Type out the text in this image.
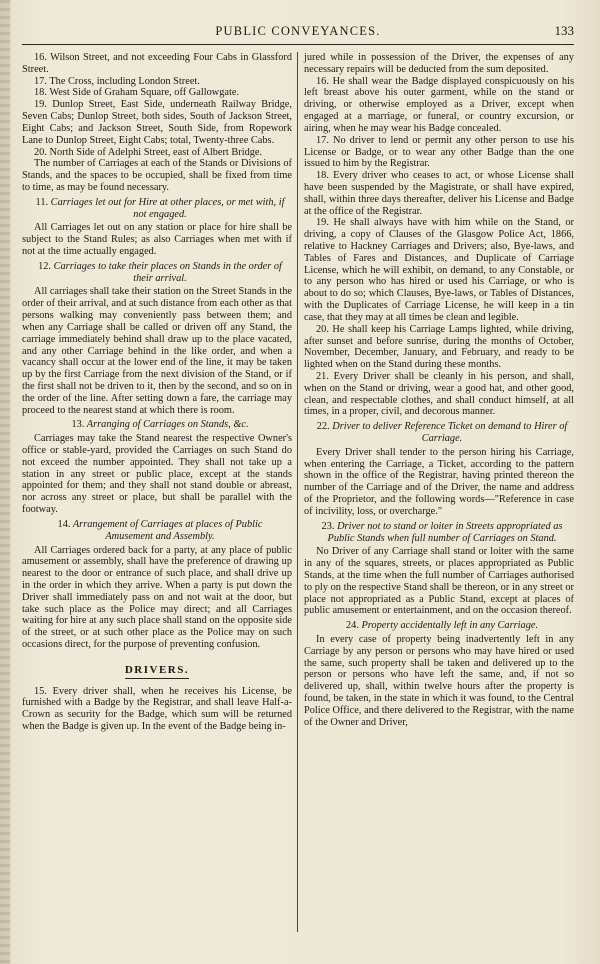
PUBLIC CONVEYANCES.	133

16. Wilson Street, and not exceeding Four Cabs in Glassford Street.

17. The Cross, including London Street.

18. West Side of Graham Square, off Gallowgate.

19. Dunlop Street, East Side, underneath Railway Bridge, Seven Cabs; Dunlop Street, both sides, South of Jackson Street, Eight Cabs; and Jackson Street, South Side, from Ropework Lane to Dunlop Street, Eight Cabs; total, Twenty-three Cabs.

20. North Side of Adelphi Street, east of Albert Bridge.

The number of Carriages at each of the Stands or Divisions of Stands, and the spaces to be occupied, shall be fixed from time to time, as may be found necessary.

11. Carriages let out for Hire at other places, or met with, if not engaged.

All Carriages let out on any station or place for hire shall be subject to the Stand Rules; as also Carriages when met with if not at the time actually engaged.

12. Carriages to take their places on Stands in the order of their arrival.

All carriages shall take their station on the Street Stands in the order of their arrival, and at such distance from each other as that persons walking may conveniently pass between them; and when any Carriage shall be called or driven off any Stand, the carriage immediately behind shall draw up to the place vacated, and any other Carriage behind in the like order, and when a vacancy shall occur at the lower end of the line, it may be taken up by the first Carriage from the next division of the Stand, or if the first shall not be driven to it, then by the second, and so on in the order of the line. After setting down a fare, the carriage may proceed to the nearest stand at which there is room.

13. Arranging of Carriages on Stands, &c.

Carriages may take the Stand nearest the respective Owner's office or stable-yard, provided the Carriages on such Stand do not exceed the number appointed. They shall not take up a station in any street or public place, except at the stands appointed for them; and they shall not stand double or abreast, nor across any street or place, but shall be parallel with the footway.

14. Arrangement of Carriages at places of Public Amusement and Assembly.

All Carriages ordered back for a party, at any place of public amusement or assembly, shall have the preference of drawing up nearest to the door or entrance of such place, and shall drive up in the order in which they arrive. When a party is put down the Driver shall immediately pass on and not wait at the door, but take such place as the Police may direct; and all Carriages waiting for hire at any such place shall stand on the opposite side of the street, or at such other place as the Police may on such occasions direct, for the purpose of preventing confusion.

DRIVERS.

15. Every driver shall, when he receives his License, be furnished with a Badge by the Registrar, and shall leave Half-a-Crown as security for the Badge, which sum will be returned when the Badge is given up. In the event of the Badge being in-

jured while in possession of the Driver, the expenses of any necessary repairs will be deducted from the sum deposited.

16. He shall wear the Badge displayed conspicuously on his left breast above his outer garment, while on the stand or driving, or otherwise employed as a Driver, except when engaged at a marriage, or funeral, or country excursion, or airing, when he may wear his Badge concealed.

17. No driver to lend or permit any other person to use his License or Badge, or to wear any other Badge than the one issued to him by the Registrar.

18. Every driver who ceases to act, or whose License shall have been suspended by the Magistrate, or shall have expired, shall, within three days thereafter, deliver his License and Badge at the office of the Registrar.

19. He shall always have with him while on the Stand, or driving, a copy of Clauses of the Glasgow Police Act, 1866, relative to Hackney Carriages and Drivers; also, Bye-laws, and Tables of Fares and Distances, and Duplicate of Carriage License, which he will exhibit, on demand, to any Constable, or to any person who has hired or used his Carriage, or who is about to do so; which Clauses, Bye-laws, or Tables of Distances, with the Duplicates of Carriage License, he will keep in a tin case, that they may at all times be clean and legible.

20. He shall keep his Carriage Lamps lighted, while driving, after sunset and before sunrise, during the months of October, November, December, January, and February, and ready to be lighted when on the Stand during these months.

21. Every Driver shall be cleanly in his person, and shall, when on the Stand or driving, wear a good hat, and other good, clean, and respectable clothes, and shall conduct himself, at all times, in a proper, civil, and decorous manner.

22. Driver to deliver Reference Ticket on demand to Hirer of Carriage.

Every Driver shall tender to the person hiring his Carriage, when entering the Carriage, a Ticket, according to the pattern shown in the office of the Registrar, having printed thereon the number of the Carriage and of the Driver, the name and address of the Proprietor, and the following words—"Reference in case of incivility, loss, or overcharge."

23. Driver not to stand or loiter in Streets appropriated as Public Stands when full number of Carriages on Stand.

No Driver of any Carriage shall stand or loiter with the same in any of the squares, streets, or places appropriated as Public Stands, at the time when the full number of Carriages authorised to ply on the respective Stand shall be thereon, or in any street or place not appropriated as a Public Stand, except at places of public amusement or entertainment, and on the occasion thereof.

24. Property accidentally left in any Carriage.

In every case of property being inadvertently left in any Carriage by any person or persons who may have hired or used the same, such property shall be taken and delivered up to the person or persons who have left the same, and, if not so delivered up, shall, within twelve hours after the property is found, be taken, in the state in which it was found, to the Central Police Office, and there delivered to the Registrar, with the name of the Owner and Driver,
